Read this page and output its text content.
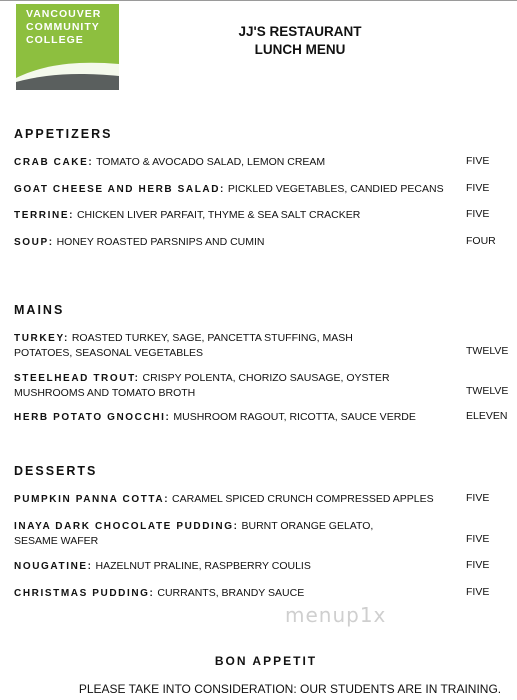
VANCOUVER
COMMUNITY
COLLEGE
JJ'S RESTAURANT
LUNCH MENU
APPETIZERS
CRAB CAKE: TOMATO & AVOCADO SALAD, LEMON CREAM	FIVE
GOAT CHEESE AND HERB SALAD: PICKLED VEGETABLES, CANDIED PECANS	FIVE
TERRINE: CHICKEN LIVER PARFAIT, THYME & SEA SALT CRACKER	FIVE
SOUP: HONEY ROASTED PARSNIPS AND CUMIN	FOUR
MAINS
TURKEY: ROASTED TURKEY, SAGE, PANCETTA STUFFING, MASH POTATOES, SEASONAL VEGETABLES	TWELVE
STEELHEAD TROUT: CRISPY POLENTA, CHORIZO SAUSAGE, OYSTER MUSHROOMS AND TOMATO BROTH	TWELVE
HERB POTATO GNOCCHI: MUSHROOM RAGOUT, RICOTTA, SAUCE VERDE	ELEVEN
DESSERTS
PUMPKIN PANNA COTTA: CARAMEL SPICED CRUNCH COMPRESSED APPLES	FIVE
INAYA DARK CHOCOLATE PUDDING: BURNT ORANGE GELATO, SESAME WAFER	FIVE
NOUGATINE: HAZELNUT PRALINE, RASPBERRY COULIS	FIVE
CHRISTMAS PUDDING: CURRANTS, BRANDY SAUCE	FIVE
menup1x
BON APPETIT
PLEASE TAKE INTO CONSIDERATION: OUR STUDENTS ARE IN TRAINING.
